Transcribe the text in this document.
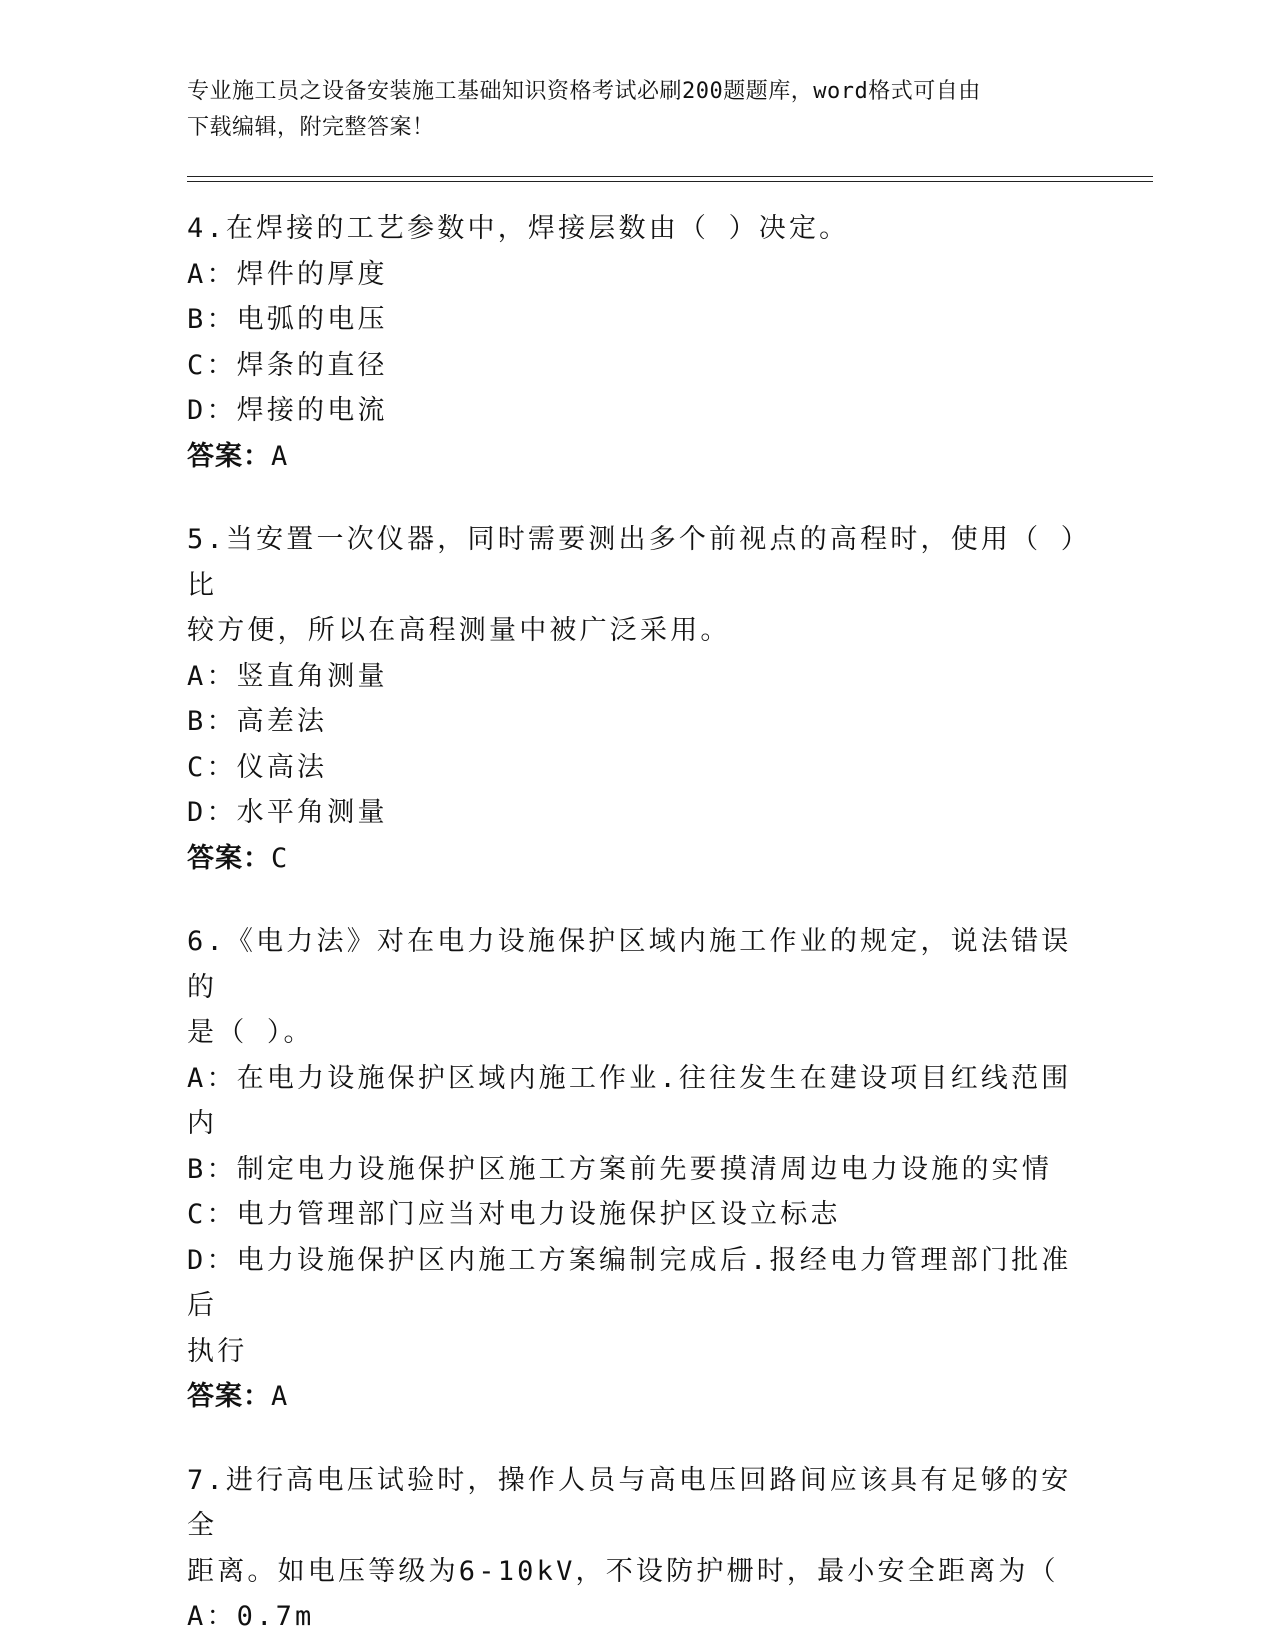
专业施工员之设备安装施工基础知识资格考试必刷200题题库，word格式可自由
下载编辑，附完整答案！

4.在焊接的工艺参数中，焊接层数由（ ）决定。

A：焊件的厚度

B：电弧的电压

C：焊条的直径

D：焊接的电流

答案：A

5.当安置一次仪器，同时需要测出多个前视点的高程时，使用（ ）比

较方便，所以在高程测量中被广泛采用。

A：竖直角测量

B：高差法

C：仪高法

D：水平角测量

答案：C

6.《电力法》对在电力设施保护区域内施工作业的规定，说法错误的

是（ ）。

A：在电力设施保护区域内施工作业.往往发生在建设项目红线范围内

B：制定电力设施保护区施工方案前先要摸清周边电力设施的实情

C：电力管理部门应当对电力设施保护区设立标志

D：电力设施保护区内施工方案编制完成后.报经电力管理部门批准后

执行

答案：A

7.进行高电压试验时，操作人员与高电压回路间应该具有足够的安全

距离。如电压等级为6-10kV，不设防护栅时，最小安全距离为（

A：0.7m
